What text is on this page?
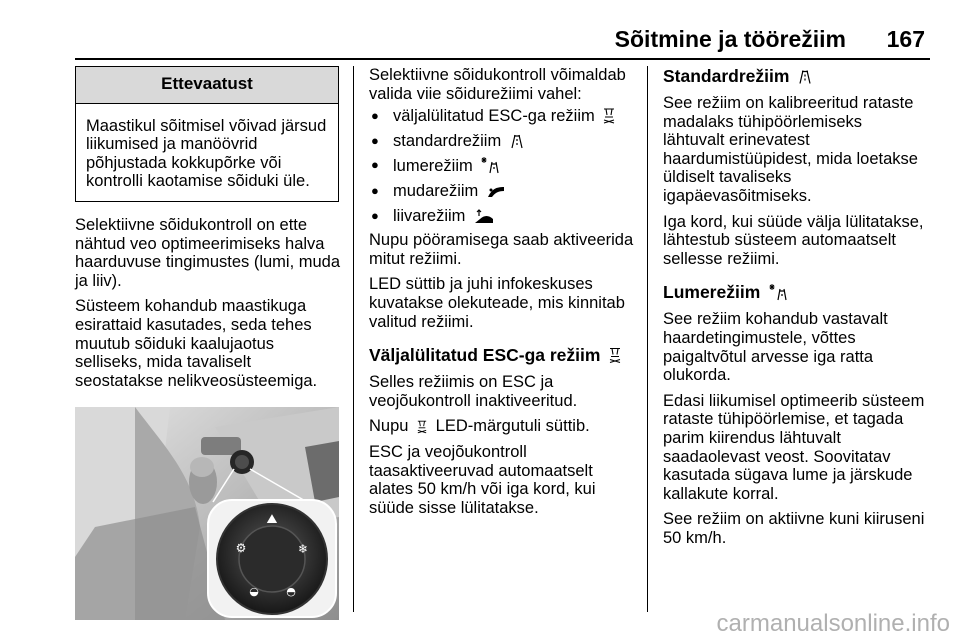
Sõitmine ja töörežiim 167
Ettevaatust
Maastikul sõitmisel võivad järsud liikumised ja manöövrid põhjustada kokkupõrke või kontrolli kaotamise sõiduki üle.

Selektiivne sõidukontroll on ette nähtud veo optimeerimiseks halva haarduvuse tingimustes (lumi, muda ja liiv).

Süsteem kohandub maastikuga esirattaid kasutades, seda tehes muutub sõiduki kaalujaotus selliseks, mida tavaliselt seostatakse nelikveosüsteemiga.

⛰
⚙	❄
◒ ◓

Selektiivne sõidukontroll võimaldab valida viie sõidurežiimi vahel:

● väljalülitatud ESC-ga režiim
● standardrežiim
● lumerežiim
● mudarežiim
● liivarežiim

Nupu pööramisega saab aktiveerida mitut režiimi.

LED süttib ja juhi infokeskuses kuvatakse olekuteade, mis kinnitab valitud režiimi.

Väljalülitatud ESC-ga režiim

Selles režiimis on ESC ja veojõukontroll inaktiveeritud.

Nupu LED-märgutuli süttib.

ESC ja veojõukontroll taasaktiveeruvad automaatselt alates 50 km/h või iga kord, kui süüde sisse lülitatakse.

Standardrežiim

See režiim on kalibreeritud rataste madalaks tühipöörlemiseks lähtuvalt erinevatest haardumistüüpidest, mida loetakse üldiselt tavaliseks igapäevasõitmiseks.

Iga kord, kui süüde välja lülitatakse, lähtestub süsteem automaatselt sellesse režiimi.

Lumerežiim

See režiim kohandub vastavalt haardetingimustele, võttes paigaltvõtul arvesse iga ratta olukorda.

Edasi liikumisel optimeerib süsteem rataste tühipöörlemise, et tagada parim kiirendus lähtuvalt saadaolevast veost. Soovitatav kasutada sügava lume ja järskude kallakute korral.

See režiim on aktiivne kuni kiiruseni 50 km/h.

carmanualsonline.info
